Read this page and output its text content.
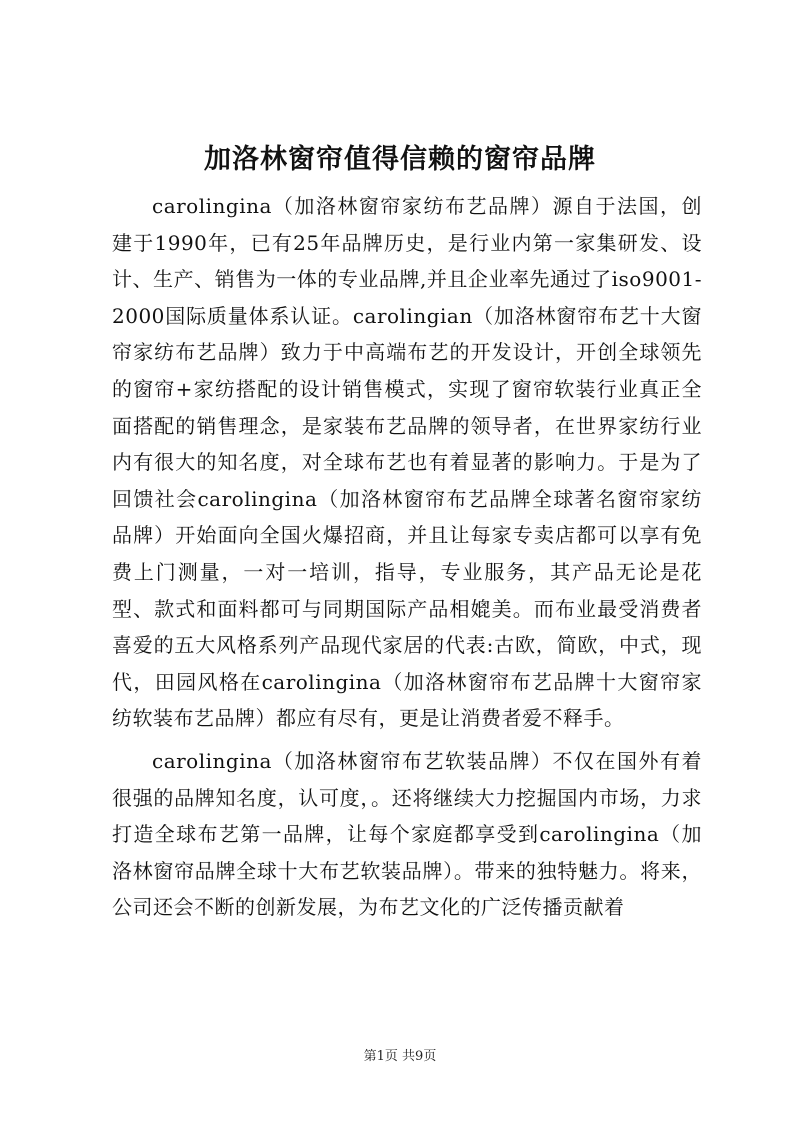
加洛林窗帘值得信赖的窗帘品牌

carolingina（加洛林窗帘家纺布艺品牌）源自于法国，创建于1990年，已有25年品牌历史，是行业内第一家集研发、设计、生产、销售为一体的专业品牌,并且企业率先通过了iso9001-2000国际质量体系认证。carolingian（加洛林窗帘布艺十大窗帘家纺布艺品牌）致力于中高端布艺的开发设计，开创全球领先的窗帘+家纺搭配的设计销售模式，实现了窗帘软装行业真正全面搭配的销售理念，是家装布艺品牌的领导者，在世界家纺行业内有很大的知名度，对全球布艺也有着显著的影响力。于是为了回馈社会carolingina（加洛林窗帘布艺品牌全球著名窗帘家纺品牌）开始面向全国火爆招商，并且让每家专卖店都可以享有免费上门测量，一对一培训，指导，专业服务，其产品无论是花型、款式和面料都可与同期国际产品相媲美。而布业最受消费者喜爱的五大风格系列产品现代家居的代表:古欧，简欧，中式，现代，田园风格在carolingina（加洛林窗帘布艺品牌十大窗帘家纺软装布艺品牌）都应有尽有，更是让消费者爱不释手。

carolingina（加洛林窗帘布艺软装品牌）不仅在国外有着很强的品牌知名度，认可度，。还将继续大力挖掘国内市场，力求打造全球布艺第一品牌，让每个家庭都享受到carolingina（加洛林窗帘品牌全球十大布艺软装品牌）。带来的独特魅力。将来，公司还会不断的创新发展，为布艺文化的广泛传播贡献着

第1页 共9页
